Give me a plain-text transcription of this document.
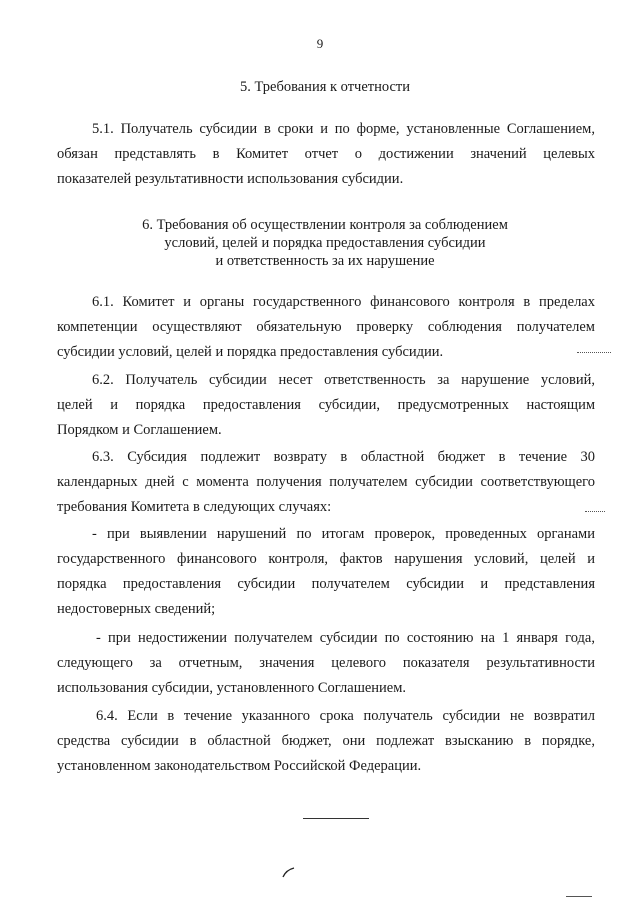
9
5. Требования к отчетности
5.1. Получатель субсидии в сроки и по форме, установленные Соглашением,
обязан представлять в Комитет отчет о достижении значений целевых
показателей результативности использования субсидии.
6. Требования об осуществлении контроля за соблюдением
условий, целей и порядка предоставления субсидии
и ответственность за их нарушение
6.1. Комитет и органы государственного финансового контроля в пределах
компетенции осуществляют обязательную проверку соблюдения получателем
субсидии условий, целей и порядка предоставления субсидии.
6.2. Получатель субсидии несет ответственность за нарушение условий,
целей и порядка предоставления субсидии, предусмотренных настоящим
Порядком и Соглашением.
6.3. Субсидия подлежит возврату в областной бюджет в течение 30
календарных дней с момента получения получателем субсидии соответствующего
требования Комитета в следующих случаях:
- при выявлении нарушений по итогам проверок, проведенных органами
государственного финансового контроля, фактов нарушения условий, целей и
порядка предоставления субсидии получателем субсидии и представления
недостоверных сведений;
- при недостижении получателем субсидии по состоянию на 1 января года,
следующего за отчетным, значения целевого показателя результативности
использования субсидии, установленного Соглашением.
6.4. Если в течение указанного срока получатель субсидии не возвратил
средства субсидии в областной бюджет, они подлежат взысканию в порядке,
установленном законодательством Российской Федерации.
